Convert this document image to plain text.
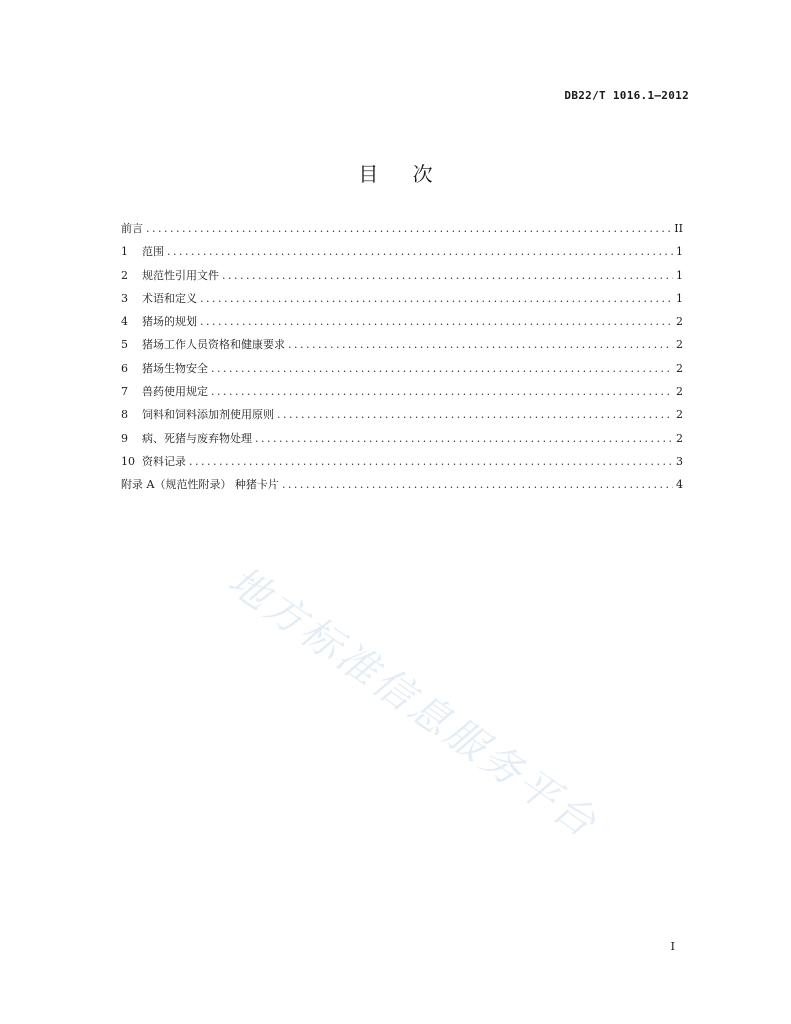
DB22/T 1016.1—2012
目 次
前言 . . .	II
1	范围 . . .	1
2	规范性引用文件 . . .	1
3	术语和定义 . . .	1
4	猪场的规划 . . .	2
5	猪场工作人员资格和健康要求 . . .	2
6	猪场生物安全 . . .	2
7	兽药使用规定 . . .	2
8	饲料和饲料添加剂使用原则 . . .	2
9	病、死猪与废弃物处理 . . .	2
10 资料记录 . . .	3
附录 A（规范性附录） 种猪卡片 . . .	4
地方标准信息服务平台
I
